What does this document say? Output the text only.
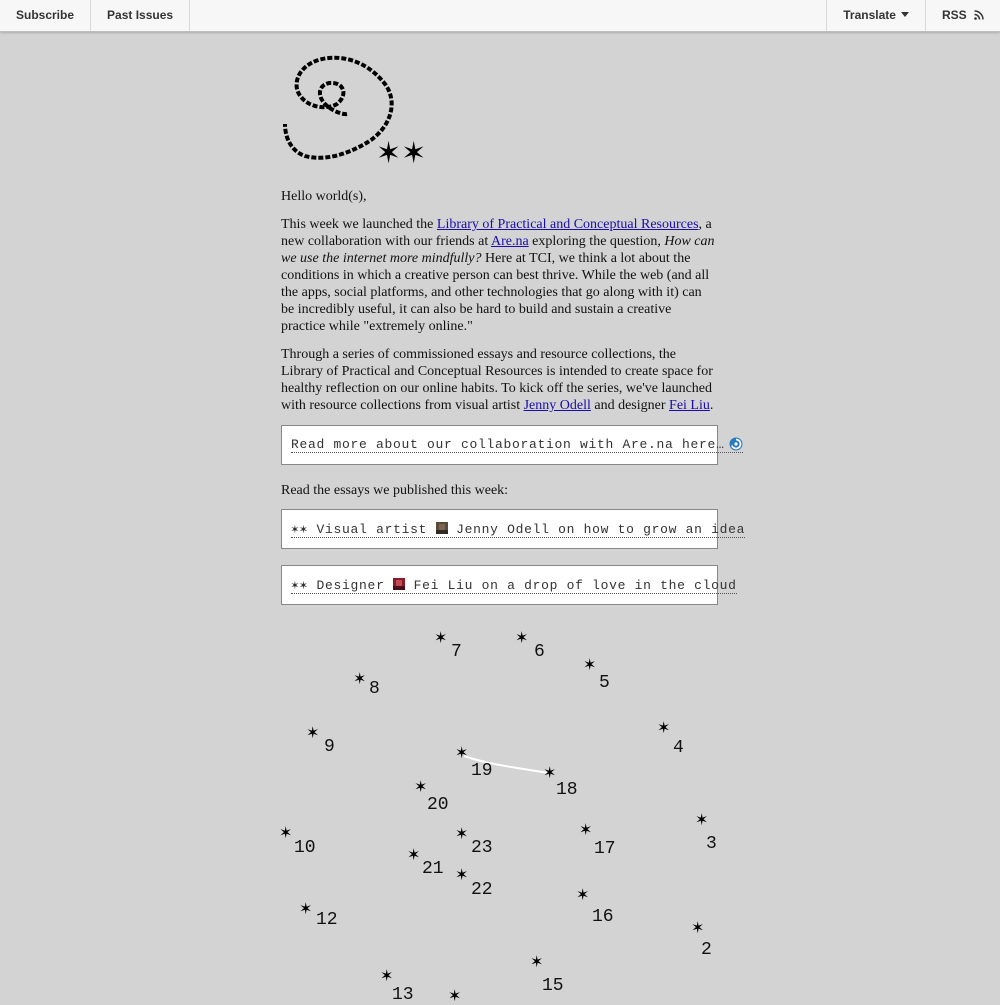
Subscribe	Past Issues	Translate	RSS
✶✶

Hello world(s),

This week we launched the Library of Practical and Conceptual Resources, a new collaboration with our friends at Are.na exploring the question, How can we use the internet more mindfully? Here at TCI, we think a lot about the conditions in which a creative person can best thrive. While the web (and all the apps, social platforms, and other technologies that go along with it) can be incredibly useful, it can also be hard to build and sustain a creative practice while "extremely online."

Through a series of commissioned essays and resource collections, the Library of Practical and Conceptual Resources is intended to create space for healthy reflection on our online habits. To kick off the series, we've launched with resource collections from visual artist Jenny Odell and designer Fei Liu.

Read more about our collaboration with Are.na here…

Read the essays we published this week:

✶✶ Visual artist  Jenny Odell on how to grow an idea
✶✶ Designer  Fei Liu on a drop of love in the cloud
✶
2
✶
3
✶
4
✶
5
✶
6
✶
7
✶
8
✶
9
✶
10
✶
12
✶
13
✶
15
✶
16
✶
17
✶
18
✶
19
✶
20
✶
21 ✶
22
✶
23
✶
